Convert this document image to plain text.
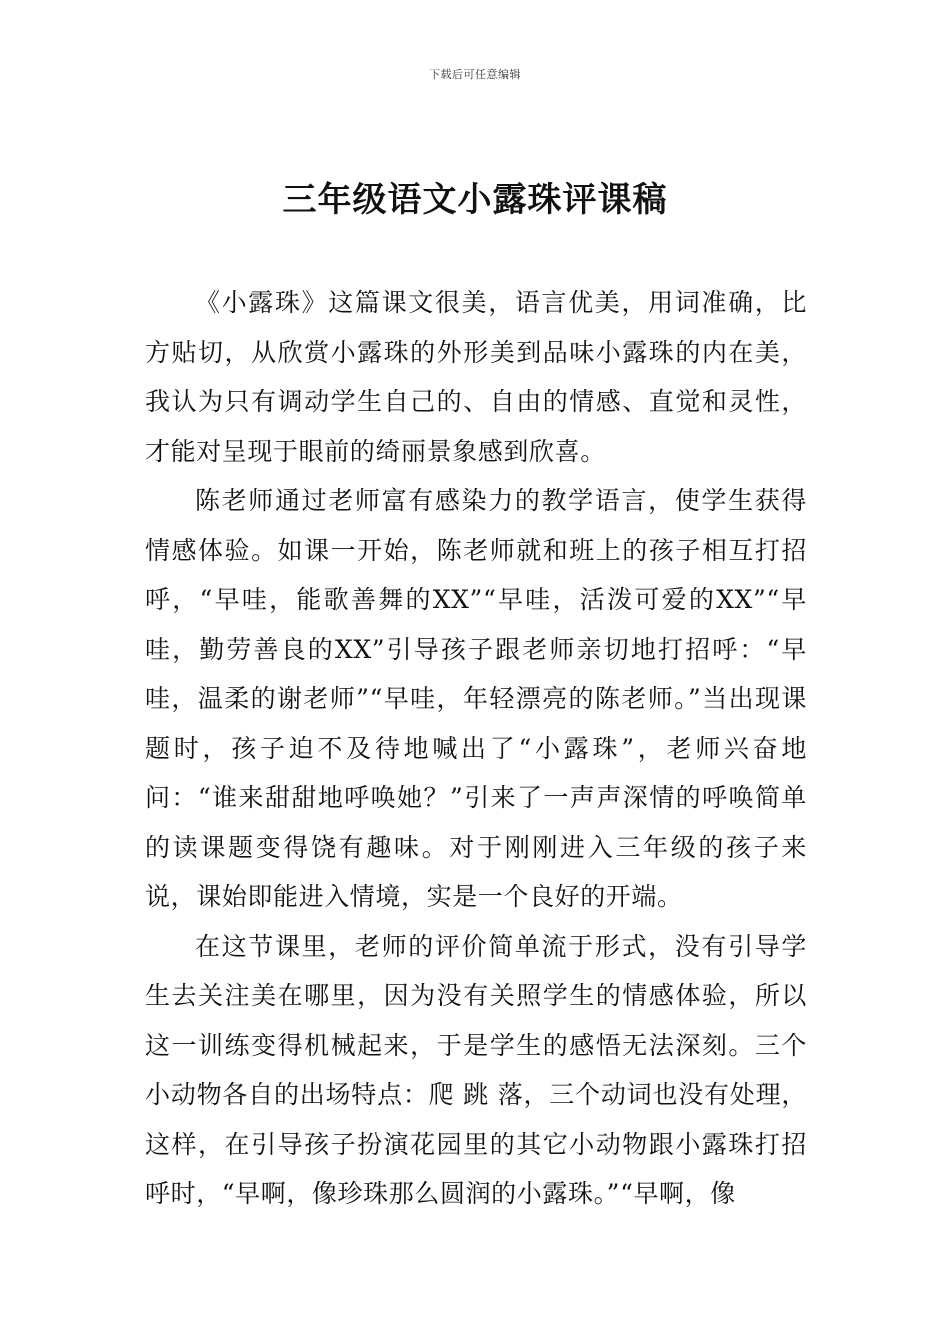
下载后可任意编辑
三年级语文小露珠评课稿

《小露珠》这篇课文很美，语言优美，用词准确，比方贴切，从欣赏小露珠的外形美到品味小露珠的内在美，我认为只有调动学生自己的、自由的情感、直觉和灵性，才能对呈现于眼前的绮丽景象感到欣喜。

陈老师通过老师富有感染力的教学语言，使学生获得情感体验。如课一开始，陈老师就和班上的孩子相互打招呼，“早哇，能歌善舞的XX”“早哇，活泼可爱的XX”“早哇，勤劳善良的XX”引导孩子跟老师亲切地打招呼：“早哇，温柔的谢老师”“早哇，年轻漂亮的陈老师。”当出现课题时，孩子迫不及待地喊出了“小露珠”，老师兴奋地问：“谁来甜甜地呼唤她？”引来了一声声深情的呼唤简单的读课题变得饶有趣味。对于刚刚进入三年级的孩子来说，课始即能进入情境，实是一个良好的开端。

在这节课里，老师的评价简单流于形式，没有引导学生去关注美在哪里，因为没有关照学生的情感体验，所以这一训练变得机械起来，于是学生的感悟无法深刻。三个小动物各自的出场特点：爬 跳 落，三个动词也没有处理，这样，在引导孩子扮演花园里的其它小动物跟小露珠打招呼时，“早啊，像珍珠那么圆润的小露珠。”“早啊，像
